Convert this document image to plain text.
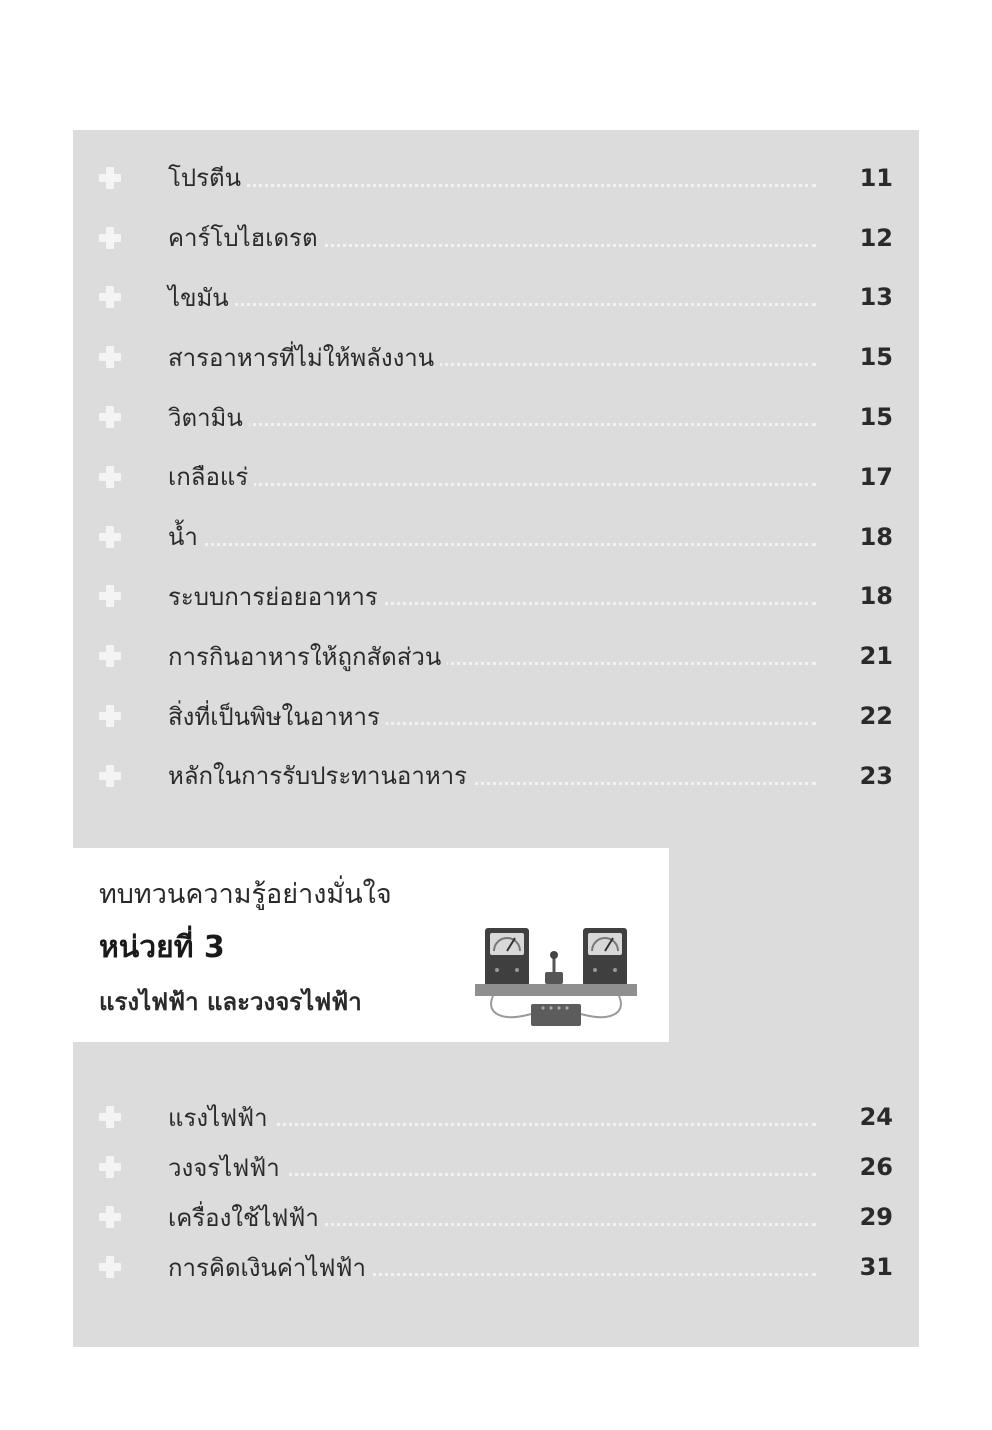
โปรตีน	11
คาร์โบไฮเดรต	12
ไขมัน	13
สารอาหารที่ไม่ให้พลังงาน	15
วิตามิน	15
เกลือแร่	17
น้ำ	18
ระบบการย่อยอาหาร	18
การกินอาหารให้ถูกสัดส่วน	21
สิ่งที่เป็นพิษในอาหาร	22
หลักในการรับประทานอาหาร	23
แรงไฟฟ้า	24
วงจรไฟฟ้า	26
เครื่องใช้ไฟฟ้า	29
การคิดเงินค่าไฟฟ้า	31
ทบทวนความรู้อย่างมั่นใจ
หน่วยที่ 3
แรงไฟฟ้า และวงจรไฟฟ้า
